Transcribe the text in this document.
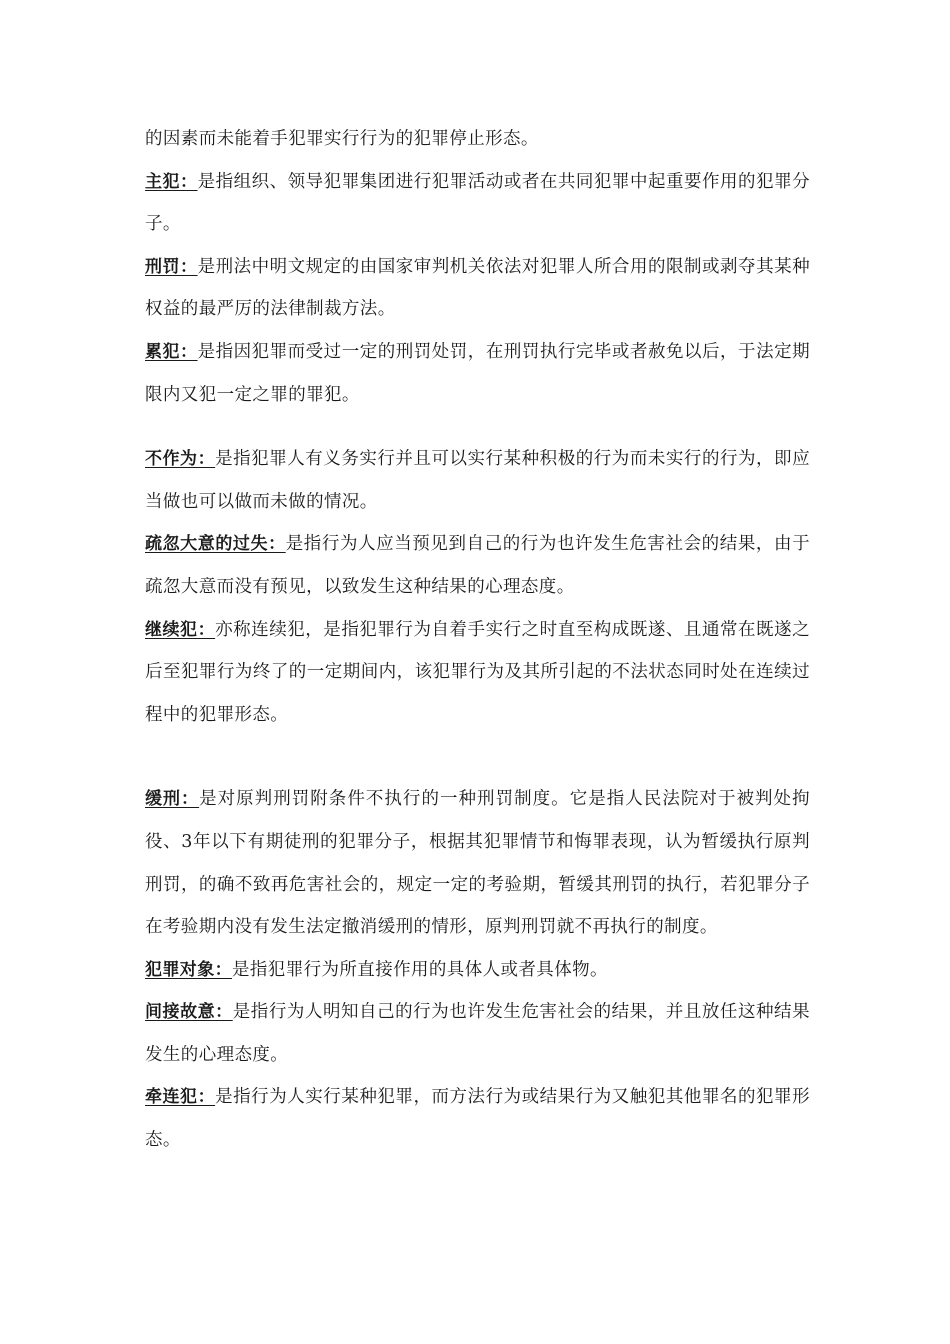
的因素而未能着手犯罪实行行为的犯罪停止形态。

主犯：是指组织、领导犯罪集团进行犯罪活动或者在共同犯罪中起重要作用的犯罪分子。

刑罚：是刑法中明文规定的由国家审判机关依法对犯罪人所合用的限制或剥夺其某种权益的最严厉的法律制裁方法。

累犯：是指因犯罪而受过一定的刑罚处罚，在刑罚执行完毕或者赦免以后，于法定期限内又犯一定之罪的罪犯。

不作为：是指犯罪人有义务实行并且可以实行某种积极的行为而未实行的行为，即应当做也可以做而未做的情况。

疏忽大意的过失：是指行为人应当预见到自己的行为也许发生危害社会的结果，由于疏忽大意而没有预见，以致发生这种结果的心理态度。

继续犯：亦称连续犯，是指犯罪行为自着手实行之时直至构成既遂、且通常在既遂之后至犯罪行为终了的一定期间内，该犯罪行为及其所引起的不法状态同时处在连续过程中的犯罪形态。

缓刑：是对原判刑罚附条件不执行的一种刑罚制度。它是指人民法院对于被判处拘役、3年以下有期徒刑的犯罪分子，根据其犯罪情节和悔罪表现，认为暂缓执行原判刑罚，的确不致再危害社会的，规定一定的考验期，暂缓其刑罚的执行，若犯罪分子在考验期内没有发生法定撤消缓刑的情形，原判刑罚就不再执行的制度。

犯罪对象：是指犯罪行为所直接作用的具体人或者具体物。

间接故意：是指行为人明知自己的行为也许发生危害社会的结果，并且放任这种结果发生的心理态度。

牵连犯：是指行为人实行某种犯罪，而方法行为或结果行为又触犯其他罪名的犯罪形态。
